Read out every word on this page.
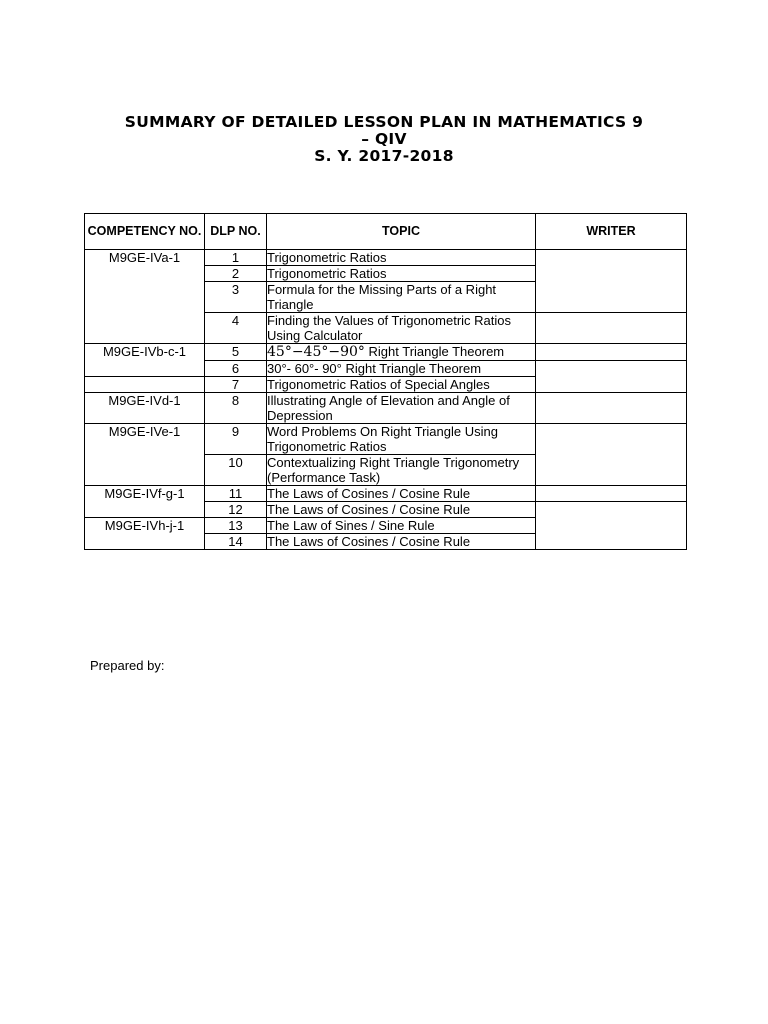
SUMMARY OF DETAILED LESSON PLAN IN MATHEMATICS 9
– QIV
S. Y. 2017-2018
COMPETENCY NO.	DLP NO.	TOPIC	WRITER
M9GE-IVa-1	1	Trigonometric Ratios	
	2	Trigonometric Ratios	
	3	Formula for the Missing Parts of a Right Triangle	
	4	Finding the Values of Trigonometric Ratios Using Calculator	
M9GE-IVb-c-1	5	45°−45°−90° Right Triangle Theorem	
	6	30°- 60°- 90° Right Triangle Theorem	
	7	Trigonometric Ratios of Special Angles	
M9GE-IVd-1	8	Illustrating Angle of Elevation and Angle of Depression	
M9GE-IVe-1	9	Word Problems On Right Triangle Using Trigonometric Ratios	
	10	Contextualizing Right Triangle Trigonometry (Performance Task)	
M9GE-IVf-g-1	11	The Laws of Cosines / Cosine Rule	
	12	The Laws of Cosines / Cosine Rule	
M9GE-IVh-j-1	13	The Law of Sines / Sine Rule	
	14	The Laws of Cosines / Cosine Rule	
Prepared by:
